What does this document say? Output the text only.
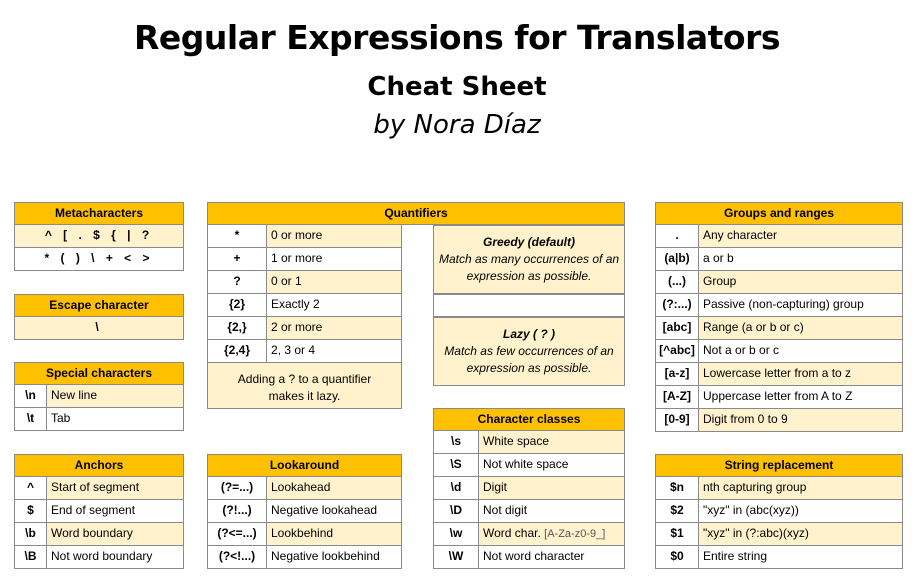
Regular Expressions for Translators
Cheat Sheet
by Nora Díaz
Metacharacters
^ [ . $ { | ?
* ( ) \ + < >
Escape character
\
Special characters
\n	New line
\t	Tab
Anchors
^	Start of segment
$	End of segment
\b	Word boundary
\B	Not word boundary
Quantifiers
*	0 or more
+	1 or more
?	0 or 1
{2}	Exactly 2
{2,}	2 or more
{2,4}	2, 3 or 4
Adding a ? to a quantifier
makes it lazy.
Greedy (default)
Match as many occurrences of an
expression as possible.
Lazy ( ? )
Match as few occurrences of an
expression as possible.
Lookaround
(?=...)	Lookahead
(?!...)	Negative lookahead
(?<=...)	Lookbehind
(?<!...)	Negative lookbehind
Character classes
\s	White space
\S	Not white space
\d	Digit
\D	Not digit
\w	Word char. [A-Za-z0-9_]
\W	Not word character
Groups and ranges
.	Any character
(a|b)	a or b
(...)	Group
(?:...) Passive (non-capturing) group
[abc] Range (a or b or c)
[^abc] Not a or b or c
[a-z]	Lowercase letter from a to z
[A-Z]	Uppercase letter from A to Z
[0-9]	Digit from 0 to 9
String replacement
$n	nth capturing group
$2	"xyz" in (abc(xyz))
$1	"xyz" in (?:abc)(xyz)
$0	Entire string
